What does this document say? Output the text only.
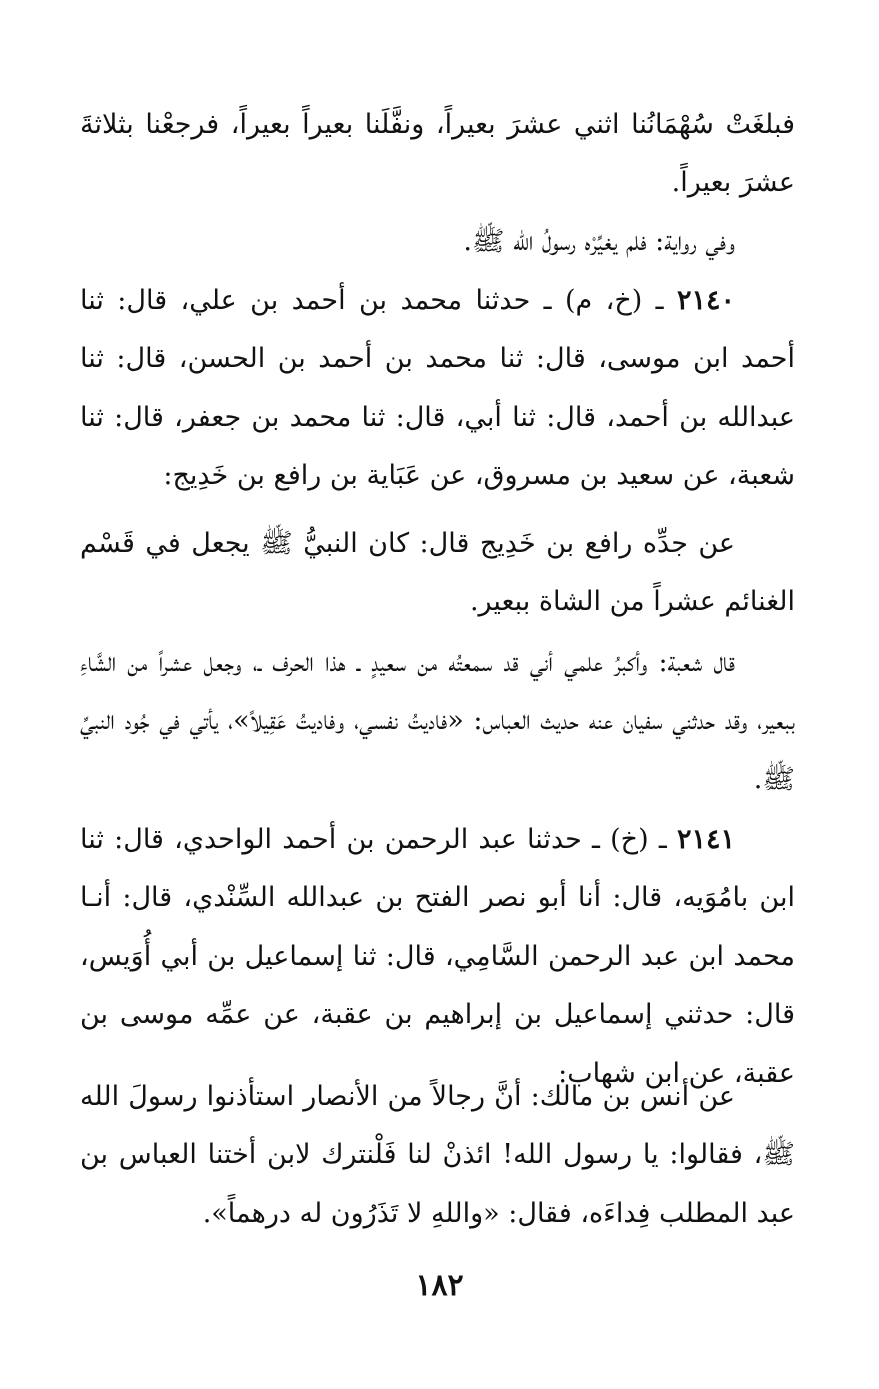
فبلغَتْ سُهْمَانُنا اثني عشرَ بعيراً، ونفَّلَنا بعيراً بعيراً، فرجعْنا بثلاثةَ عشرَ بعيراً.

وفي رواية: فلم يغيِّرْه رسولُ الله ﷺ.

٢١٤٠ ـ (خ، م) ـ حدثنا محمد بن أحمد بن علي، قال: ثنا أحمد ابن موسى، قال: ثنا محمد بن أحمد بن الحسن، قال: ثنا عبدالله بن أحمد، قال: ثنا أبي، قال: ثنا محمد بن جعفر، قال: ثنا شعبة، عن سعيد بن مسروق، عن عَبَاية بن رافع بن خَدِيج:

عن جدِّه رافع بن خَدِيج قال: كان النبيُّ ﷺ يجعل في قَسْم الغنائم عشراً من الشاة ببعير.

قال شعبة: وأكبرُ علمي أني قد سمعتُه من سعيدٍ ـ هذا الحرف ـ، وجعل عشراً من الشَّاءِ ببعير، وقد حدثني سفيان عنه حديث العباس: «فاديتُ نفسي، وفاديتُ عَقِيلاً»، يأتي في جُود النبيِّ ﷺ.

٢١٤١ ـ (خ) ـ حدثنا عبد الرحمن بن أحمد الواحدي، قال: ثنا ابن بامُوَيه، قال: أنا أبو نصر الفتح بن عبدالله السِّنْدي، قال: أنـا محمد ابن عبد الرحمن السَّامِي، قال: ثنا إسماعيل بن أبي أُوَيس، قال: حدثني إسماعيل بن إبراهيم بن عقبة، عن عمِّه موسى بن عقبة، عن ابن شهاب:

عن أنس بن مالك: أنَّ رجالاً من الأنصار استأذنوا رسولَ الله ﷺ، فقالوا: يا رسول الله! ائذنْ لنا فَلْنترك لابن أختنا العباس بن عبد المطلب فِداءَه، فقال: «واللهِ لا تَذَرُون له درهماً».

١٨٢
